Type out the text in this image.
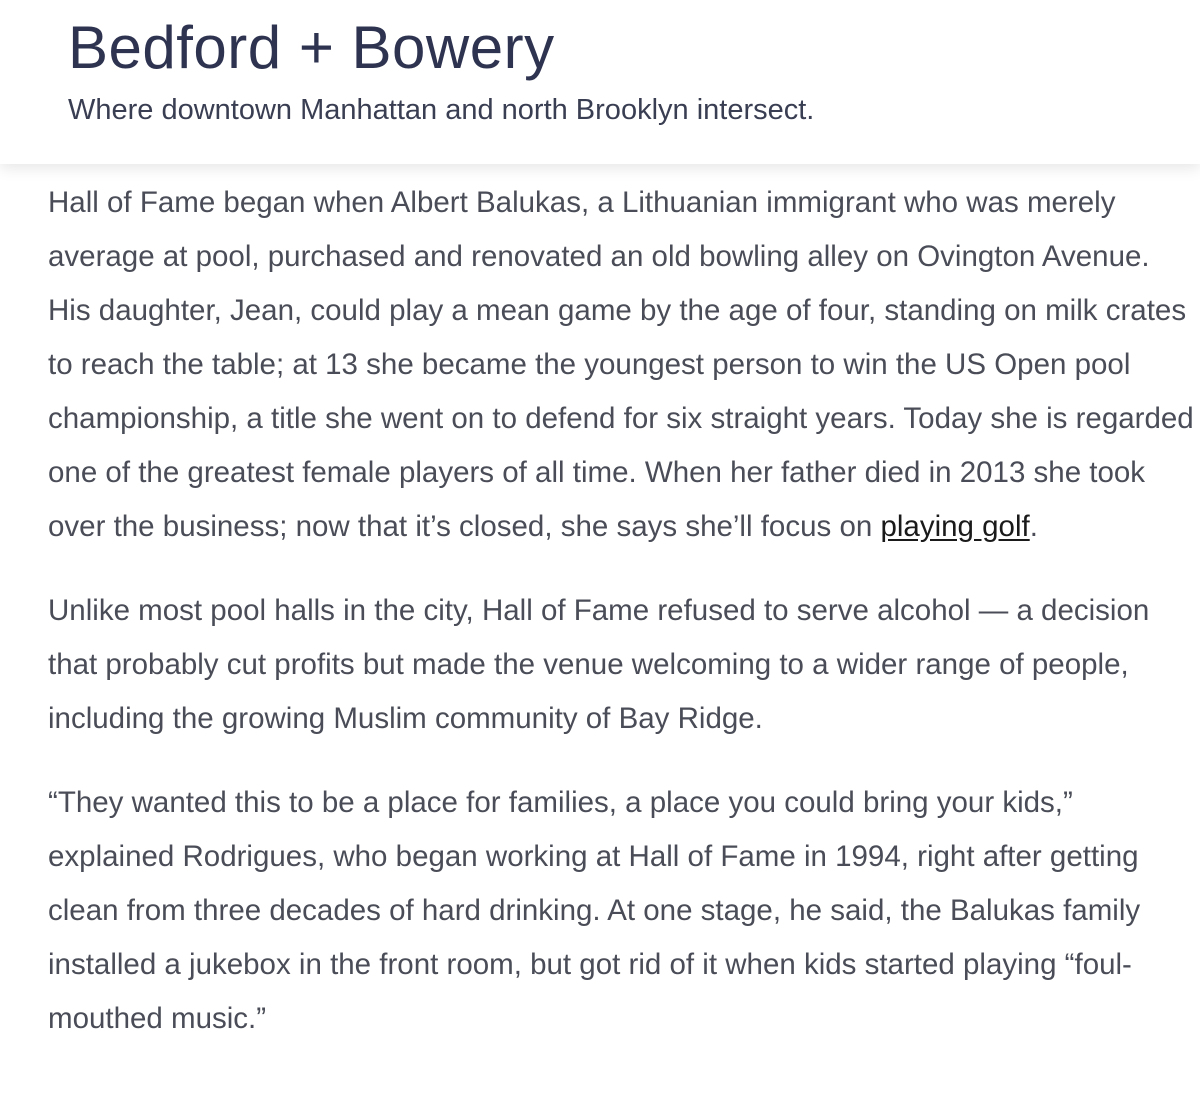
Bedford + Bowery

Where downtown Manhattan and north Brooklyn intersect.

Hall of Fame began when Albert Balukas, a Lithuanian immigrant who was merely average at pool, purchased and renovated an old bowling alley on Ovington Avenue. His daughter, Jean, could play a mean game by the age of four, standing on milk crates to reach the table; at 13 she became the youngest person to win the US Open pool championship, a title she went on to defend for six straight years. Today she is regarded one of the greatest female players of all time. When her father died in 2013 she took over the business; now that it’s closed, she says she’ll focus on playing golf.

Unlike most pool halls in the city, Hall of Fame refused to serve alcohol — a decision that probably cut profits but made the venue welcoming to a wider range of people, including the growing Muslim community of Bay Ridge.

“They wanted this to be a place for families, a place you could bring your kids,” explained Rodrigues, who began working at Hall of Fame in 1994, right after getting clean from three decades of hard drinking. At one stage, he said, the Balukas family installed a jukebox in the front room, but got rid of it when kids started playing “foul-mouthed music.”
